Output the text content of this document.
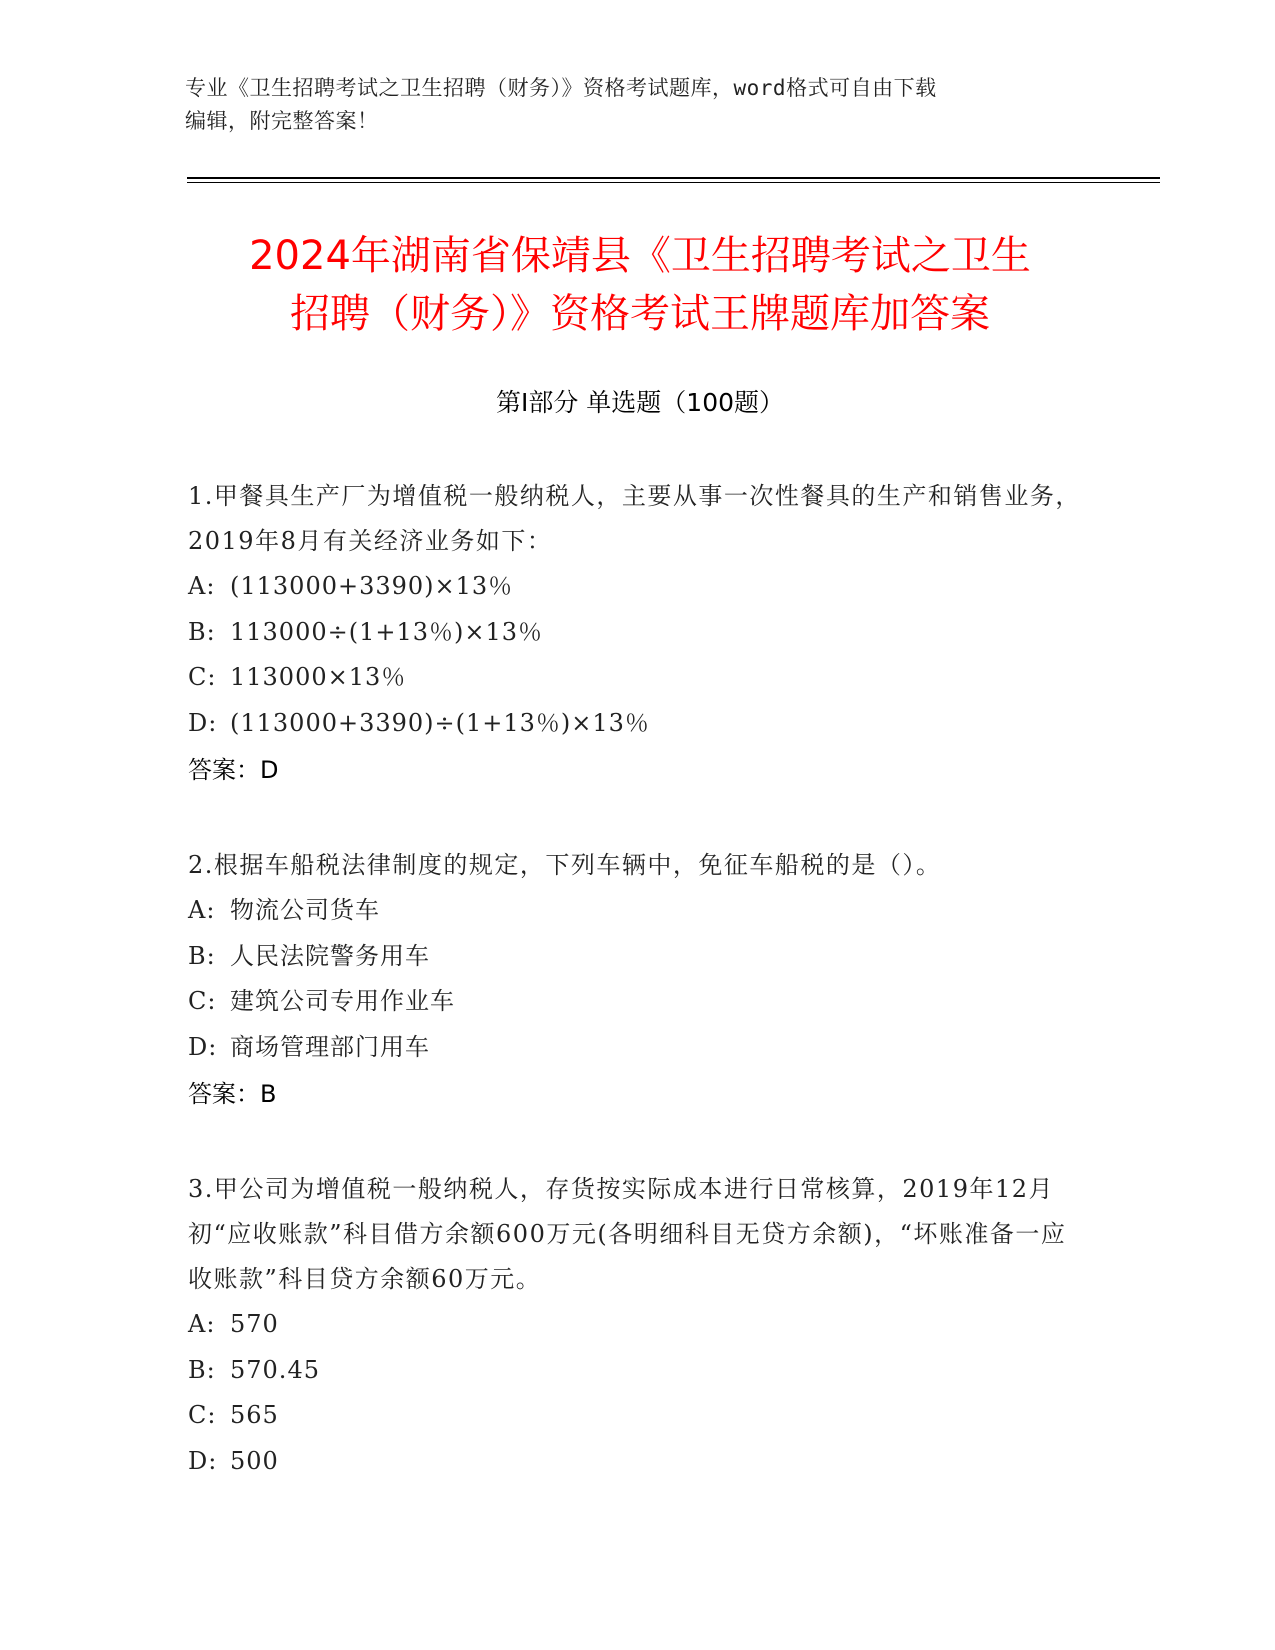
专业《卫生招聘考试之卫生招聘（财务）》资格考试题库，word格式可自由下载
编辑，附完整答案！
2024年湖南省保靖县《卫生招聘考试之卫生
招聘（财务）》资格考试王牌题库加答案
第I部分 单选题（100题）

1.甲餐具生产厂为增值税一般纳税人，主要从事一次性餐具的生产和销售业务，2019年8月有关经济业务如下：

A: (113000+3390)×13％

B: 113000÷(1+13％)×13％

C: 113000×13％

D: (113000+3390)÷(1+13％)×13％

答案：D

2.根据车船税法律制度的规定，下列车辆中，免征车船税的是（）。

A: 物流公司货车

B: 人民法院警务用车

C: 建筑公司专用作业车

D: 商场管理部门用车

答案：B

3.甲公司为增值税一般纳税人，存货按实际成本进行日常核算，2019年12月初“应收账款”科目借方余额600万元(各明细科目无贷方余额)，“坏账准备一应收账款”科目贷方余额60万元。

A: 570

B: 570.45

C: 565

D: 500
